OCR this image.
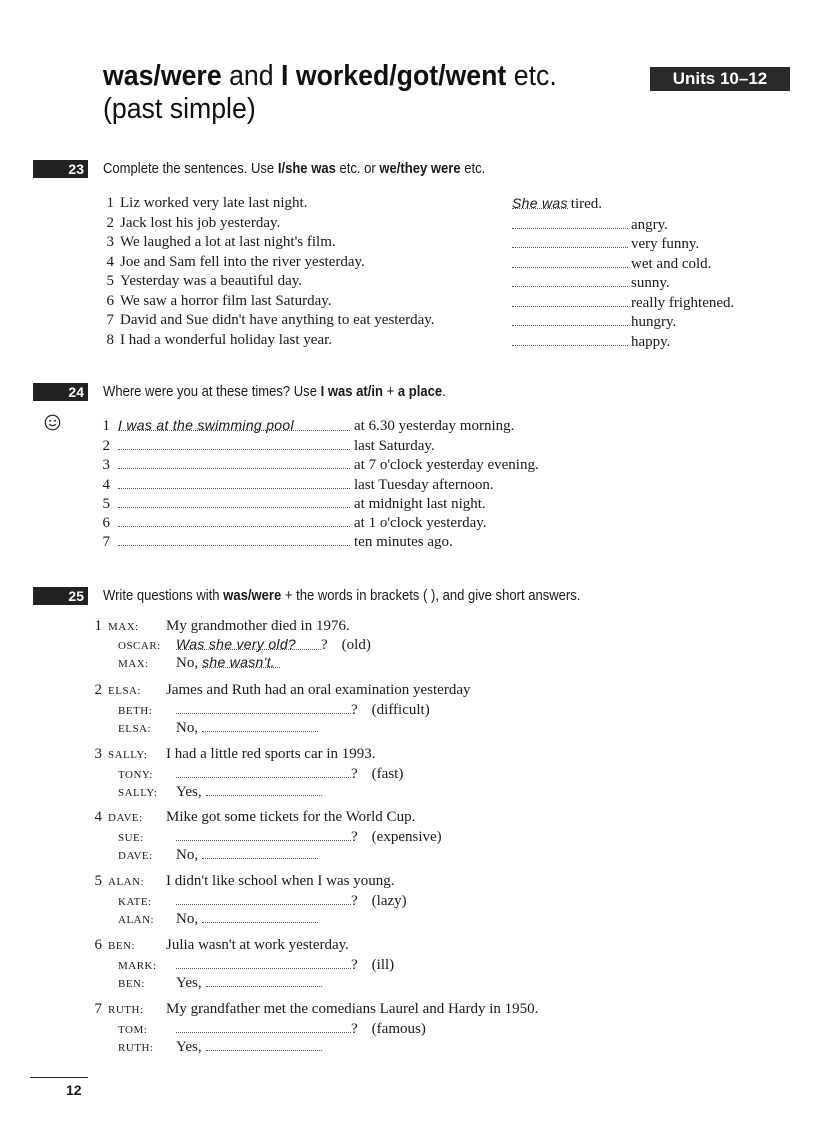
was/were and I worked/got/went etc.
(past simple)
Units 10–12
23 Complete the sentences. Use I/she was etc. or we/they were etc.
1 Liz worked very late last night.	She was tired.
2 Jack lost his job yesterday.	angry.
3 We laughed a lot at last night's film.	very funny.
4 Joe and Sam fell into the river yesterday.	wet and cold.
5 Yesterday was a beautiful day.	sunny.
6 We saw a horror film last Saturday.	really frightened.
7 David and Sue didn't have anything to eat yesterday.	hungry.
8 I had a wonderful holiday last year.	happy.
24 Where were you at these times? Use I was at/in + a place.
1 I was at the swimming pool	at 6.30 yesterday morning.
2	last Saturday.
3	at 7 o'clock yesterday evening.
4	last Tuesday afternoon.
5	at midnight last night.
6	at 1 o'clock yesterday.
7	ten minutes ago.
25 Write questions with was/were + the words in brackets ( ), and give short answers.
1 MAX: My grandmother died in 1976.
OSCAR: Was she very old? ? (old)
MAX: No, she wasn't.
2 ELSA: James and Ruth had an oral examination yesterday
BETH:	? (difficult)
ELSA: No,
3 SALLY: I had a little red sports car in 1993.
TONY:	? (fast)
SALLY: Yes,
4 DAVE: Mike got some tickets for the World Cup.
SUE:	? (expensive)
DAVE: No,
5 ALAN: I didn't like school when I was young.
KATE:	? (lazy)
ALAN: No,
6 BEN: Julia wasn't at work yesterday.
MARK:	? (ill)
BEN: Yes,
7 RUTH: My grandfather met the comedians Laurel and Hardy in 1950.
TOM:	? (famous)
RUTH: Yes,
12
